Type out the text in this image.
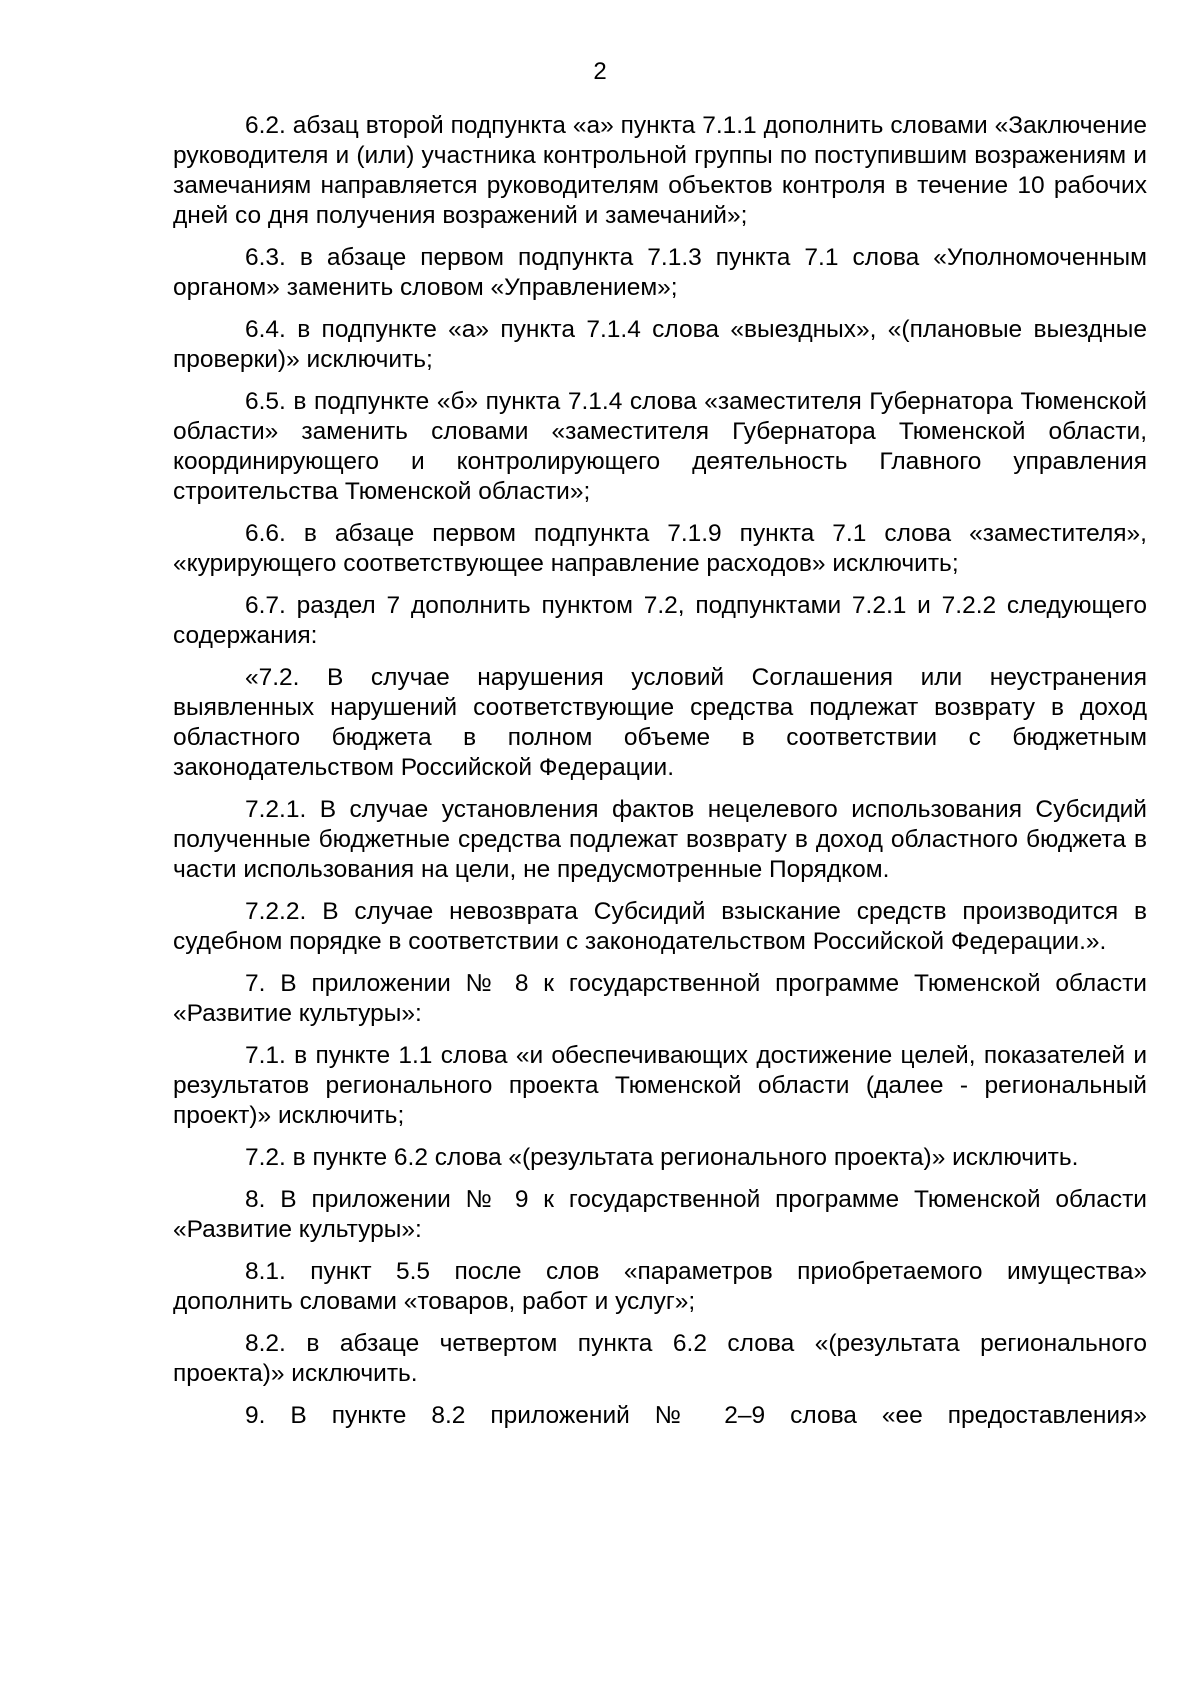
2

6.2. абзац второй подпункта «а» пункта 7.1.1 дополнить словами «Заключение руководителя и (или) участника контрольной группы по поступившим возражениям и замечаниям направляется руководителям объектов контроля в течение 10 рабочих дней со дня получения возражений и замечаний»;

6.3. в абзаце первом подпункта 7.1.3 пункта 7.1 слова «Уполномоченным органом» заменить словом «Управлением»;

6.4. в подпункте «а» пункта 7.1.4 слова «выездных», «(плановые выездные проверки)» исключить;

6.5. в подпункте «б» пункта 7.1.4 слова «заместителя Губернатора Тюменской области» заменить словами «заместителя Губернатора Тюменской области, координирующего и контролирующего деятельность Главного управления строительства Тюменской области»;

6.6. в абзаце первом подпункта 7.1.9 пункта 7.1 слова «заместителя», «курирующего соответствующее направление расходов» исключить;

6.7. раздел 7 дополнить пунктом 7.2, подпунктами 7.2.1 и 7.2.2 следующего содержания:

«7.2. В случае нарушения условий Соглашения или неустранения выявленных нарушений соответствующие средства подлежат возврату в доход областного бюджета в полном объеме в соответствии с бюджетным законодательством Российской Федерации.

7.2.1. В случае установления фактов нецелевого использования Субсидий полученные бюджетные средства подлежат возврату в доход областного бюджета в части использования на цели, не предусмотренные Порядком.

7.2.2. В случае невозврата Субсидий взыскание средств производится в судебном порядке в соответствии с законодательством Российской Федерации.».

7. В приложении № 8 к государственной программе Тюменской области «Развитие культуры»:

7.1. в пункте 1.1 слова «и обеспечивающих достижение целей, показателей и результатов регионального проекта Тюменской области (далее - региональный проект)» исключить;

7.2. в пункте 6.2 слова «(результата регионального проекта)» исключить.

8. В приложении № 9 к государственной программе Тюменской области «Развитие культуры»:

8.1. пункт 5.5 после слов «параметров приобретаемого имущества» дополнить словами «товаров, работ и услуг»;

8.2. в абзаце четвертом пункта 6.2 слова «(результата регионального проекта)» исключить.

9. В пункте 8.2 приложений № 2–9 слова «ее предоставления»
